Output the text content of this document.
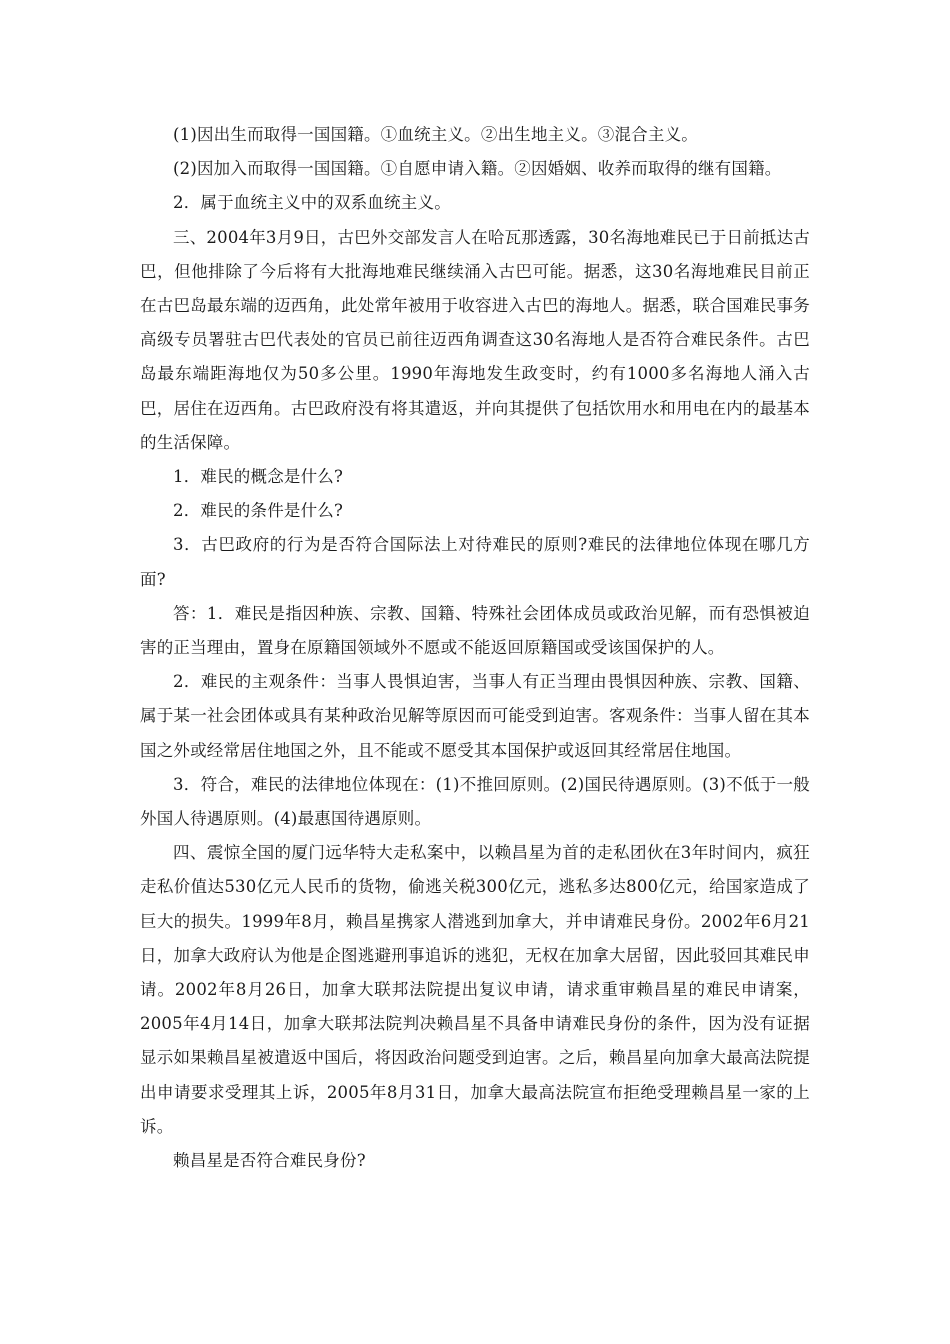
(1)因出生而取得一国国籍。①血统主义。②出生地主义。③混合主义。

(2)因加入而取得一国国籍。①自愿申请入籍。②因婚姻、收养而取得的继有国籍。

2．属于血统主义中的双系血统主义。

三、2004年3月9日，古巴外交部发言人在哈瓦那透露，30名海地难民已于日前抵达古巴，但他排除了今后将有大批海地难民继续涌入古巴可能。据悉，这30名海地难民目前正在古巴岛最东端的迈西角，此处常年被用于收容进入古巴的海地人。据悉，联合国难民事务高级专员署驻古巴代表处的官员已前往迈西角调查这30名海地人是否符合难民条件。古巴岛最东端距海地仅为50多公里。1990年海地发生政变时，约有1000多名海地人涌入古巴，居住在迈西角。古巴政府没有将其遣返，并向其提供了包括饮用水和用电在内的最基本的生活保障。

1．难民的概念是什么?

2．难民的条件是什么?

3．古巴政府的行为是否符合国际法上对待难民的原则?难民的法律地位体现在哪几方面?

答：1．难民是指因种族、宗教、国籍、特殊社会团体成员或政治见解，而有恐惧被迫害的正当理由，置身在原籍国领域外不愿或不能返回原籍国或受该国保护的人。

2．难民的主观条件：当事人畏惧迫害，当事人有正当理由畏惧因种族、宗教、国籍、属于某一社会团体或具有某种政治见解等原因而可能受到迫害。客观条件：当事人留在其本国之外或经常居住地国之外，且不能或不愿受其本国保护或返回其经常居住地国。

3．符合，难民的法律地位体现在：(1)不推回原则。(2)国民待遇原则。(3)不低于一般外国人待遇原则。(4)最惠国待遇原则。

四、震惊全国的厦门远华特大走私案中，以赖昌星为首的走私团伙在3年时间内，疯狂走私价值达530亿元人民币的货物，偷逃关税300亿元，逃私多达800亿元，给国家造成了巨大的损失。1999年8月，赖昌星携家人潜逃到加拿大，并申请难民身份。2002年6月21日，加拿大政府认为他是企图逃避刑事追诉的逃犯，无权在加拿大居留，因此驳回其难民申请。2002年8月26日，加拿大联邦法院提出复议申请，请求重审赖昌星的难民申请案，2005年4月14日，加拿大联邦法院判决赖昌星不具备申请难民身份的条件，因为没有证据显示如果赖昌星被遣返中国后，将因政治问题受到迫害。之后，赖昌星向加拿大最高法院提出申请要求受理其上诉，2005年8月31日，加拿大最高法院宣布拒绝受理赖昌星一家的上诉。

赖昌星是否符合难民身份?
